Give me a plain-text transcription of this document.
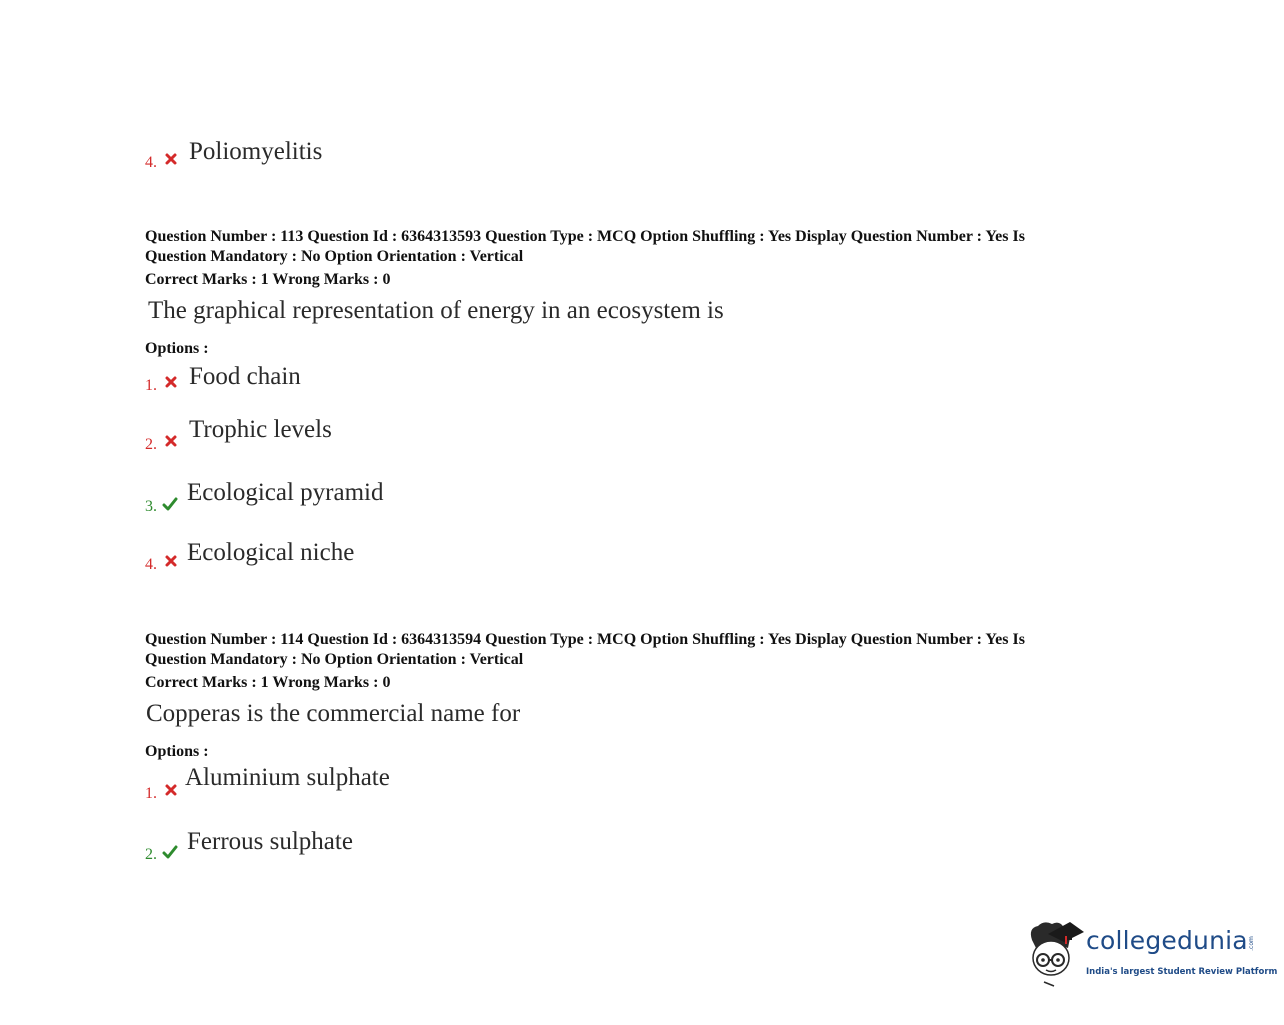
4. Poliomyelitis
Question Number : 113 Question Id : 6364313593 Question Type : MCQ Option Shuffling : Yes Display Question Number : Yes Is
Question Mandatory : No Option Orientation : Vertical
Correct Marks : 1 Wrong Marks : 0
The graphical representation of energy in an ecosystem is
Options :
1. Food chain
2.
Trophic levels
3.
Ecological pyramid
4. Ecological niche
Question Number : 114 Question Id : 6364313594 Question Type : MCQ Option Shuffling : Yes Display Question Number : Yes Is
Question Mandatory : No Option Orientation : Vertical
Correct Marks : 1 Wrong Marks : 0
Copperas is the commercial name for
Options :
1.
Aluminium sulphate
2. Ferrous sulphate
collegedunia .com
India's largest Student Review Platform
